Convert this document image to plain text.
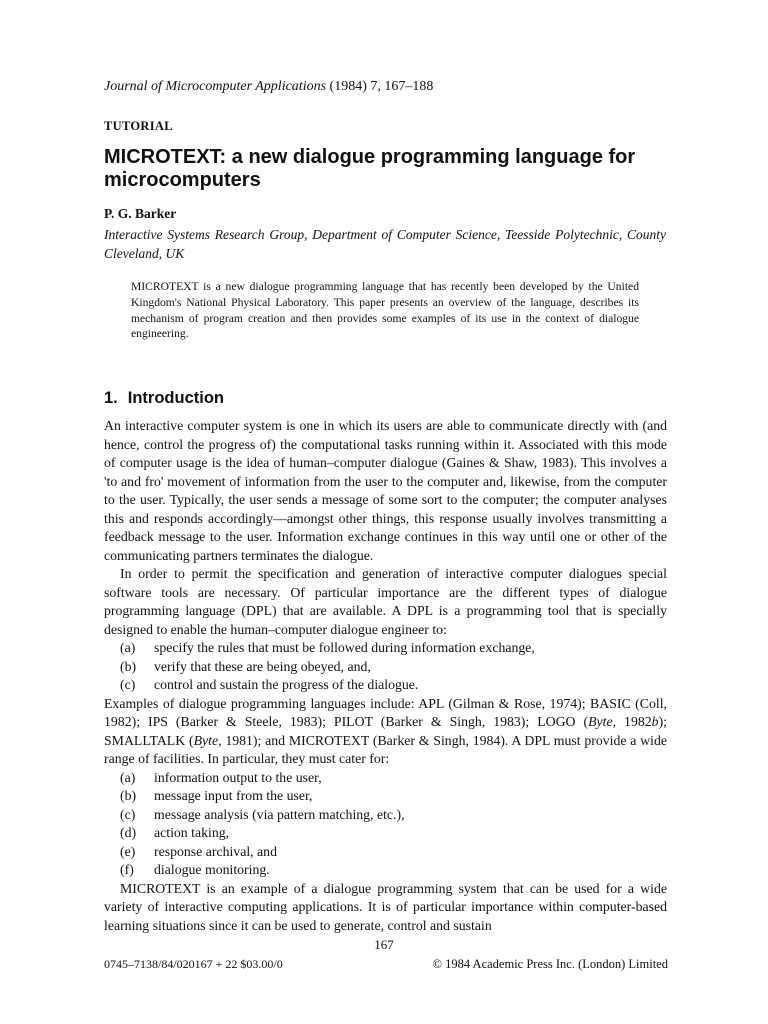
Journal of Microcomputer Applications (1984) 7, 167–188
TUTORIAL
MICROTEXT: a new dialogue programming language for microcomputers
P. G. Barker
Interactive Systems Research Group, Department of Computer Science, Teesside Polytechnic, County Cleveland, UK
MICROTEXT is a new dialogue programming language that has recently been developed by the United Kingdom's National Physical Laboratory. This paper presents an overview of the language, describes its mechanism of program creation and then provides some examples of its use in the context of dialogue engineering.
1. Introduction

An interactive computer system is one in which its users are able to communicate directly with (and hence, control the progress of) the computational tasks running within it. Associated with this mode of computer usage is the idea of human–computer dialogue (Gaines & Shaw, 1983). This involves a 'to and fro' movement of information from the user to the computer and, likewise, from the computer to the user. Typically, the user sends a message of some sort to the computer; the computer analyses this and responds accordingly—amongst other things, this response usually involves transmitting a feedback message to the user. Information exchange continues in this way until one or other of the communicating partners terminates the dialogue.

In order to permit the specification and generation of interactive computer dialogues special software tools are necessary. Of particular importance are the different types of dialogue programming language (DPL) that are available. A DPL is a programming tool that is specially designed to enable the human–computer dialogue engineer to:

(a)	specify the rules that must be followed during information exchange,
(b)	verify that these are being obeyed, and,
(c)	control and sustain the progress of the dialogue.

Examples of dialogue programming languages include: APL (Gilman & Rose, 1974); BASIC (Coll, 1982); IPS (Barker & Steele, 1983); PILOT (Barker & Singh, 1983); LOGO (Byte, 1982b); SMALLTALK (Byte, 1981); and MICROTEXT (Barker & Singh, 1984). A DPL must provide a wide range of facilities. In particular, they must cater for:

(a)	information output to the user,
(b)	message input from the user,
(c)	message analysis (via pattern matching, etc.),
(d)	action taking,
(e)	response archival, and
(f)	dialogue monitoring.

MICROTEXT is an example of a dialogue programming system that can be used for a wide variety of interactive computing applications. It is of particular importance within computer-based learning situations since it can be used to generate, control and sustain

167
0745–7138/84/020167 + 22 $03.00/0	© 1984 Academic Press Inc. (London) Limited
